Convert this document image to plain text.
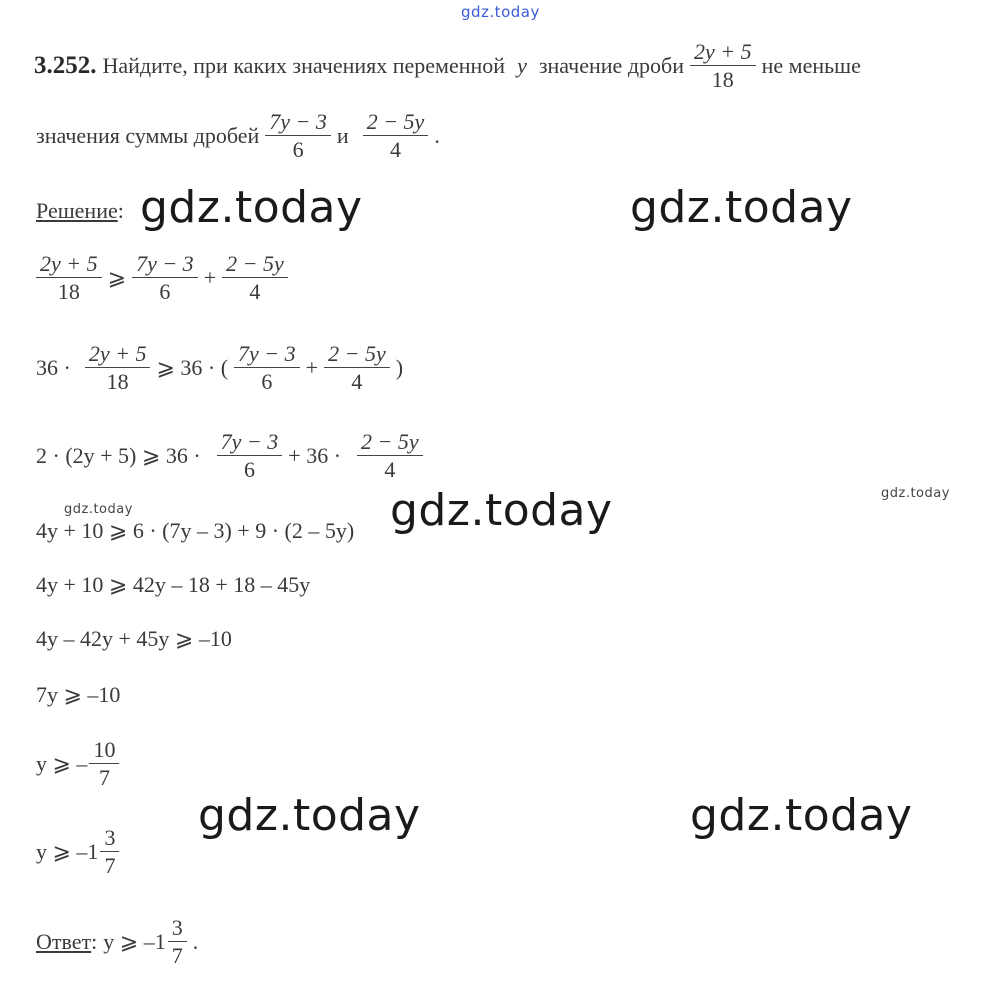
gdz.today
gdz.today	gdz.today
gdz.today
gdz.today	gdz.today
gdz.today
gdz.today
3.252. Найдите, при каких значениях переменной y значение дроби $\frac{2y + 5}{18}$ не меньше
значения суммы дробей $\frac{7y - 3}{6}$ и $\frac{2 - 5y}{4}$ .
Решение :
$\frac{2y + 5}{18}$ ⩾ $\frac{7y - 3}{6} + \frac{2 - 5y}{4}$
$36 \cdot \frac{2y + 5}{18}$ ⩾ 36 · ( $\frac{7y - 3}{6} + \frac{2 - 5y}{4}$ )
2 · (2y + 5) ⩾ $36 \cdot \frac{7y - 3}{6} + 36 \cdot \frac{2 - 5y}{4}$
4y + 10 ⩾ 6 · (7y – 3) + 9 · (2 – 5y)
4y + 10 ⩾ 42y – 18 + 18 – 45y
4y – 42y + 45y ⩾ –10
7y ⩾ –10
y ⩾ – $\frac{10}{7}$
y ⩾ $-1 \frac{3}{7}$
Ответ : y ⩾ $-1 \frac{3}{7}$ .
